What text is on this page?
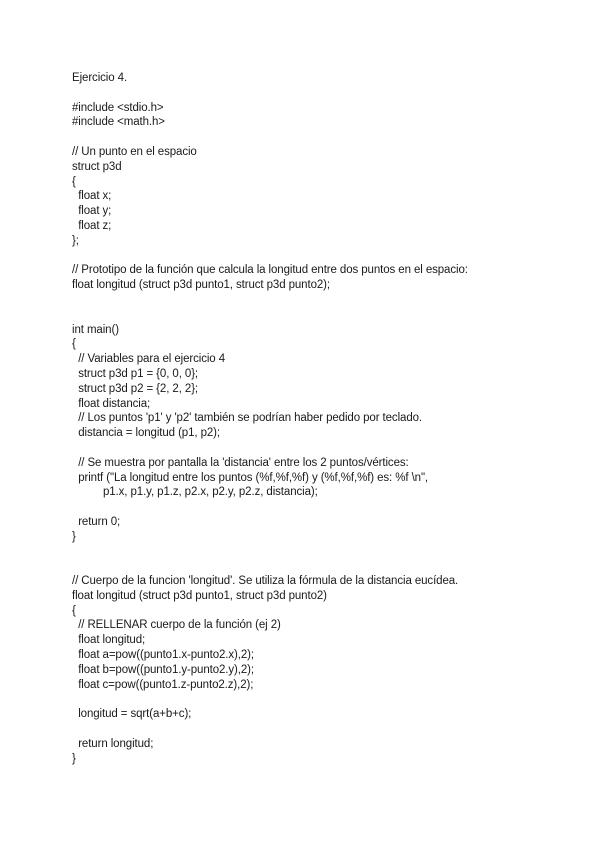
Ejercicio 4.
#include <stdio.h>
#include <math.h>
// Un punto en el espacio
struct p3d
{
float x;
float y;
float z;
};
// Prototipo de la función que calcula la longitud entre dos puntos en el espacio:
float longitud (struct p3d punto1, struct p3d punto2);
int main()
{
// Variables para el ejercicio 4
struct p3d p1 = {0, 0, 0};
struct p3d p2 = {2, 2, 2};
float distancia;
// Los puntos 'p1' y 'p2' también se podrían haber pedido por teclado.
distancia = longitud (p1, p2);
// Se muestra por pantalla la 'distancia' entre los 2 puntos/vértices:
printf ("La longitud entre los puntos (%f,%f,%f) y (%f,%f,%f) es: %f \n",
p1.x, p1.y, p1.z, p2.x, p2.y, p2.z, distancia);
return 0;
}
// Cuerpo de la funcion 'longitud'. Se utiliza la fórmula de la distancia eucídea.
float longitud (struct p3d punto1, struct p3d punto2)
{
// RELLENAR cuerpo de la función (ej 2)
float longitud;
float a=pow((punto1.x-punto2.x),2);
float b=pow((punto1.y-punto2.y),2);
float c=pow((punto1.z-punto2.z),2);
longitud = sqrt(a+b+c);
return longitud;
}
